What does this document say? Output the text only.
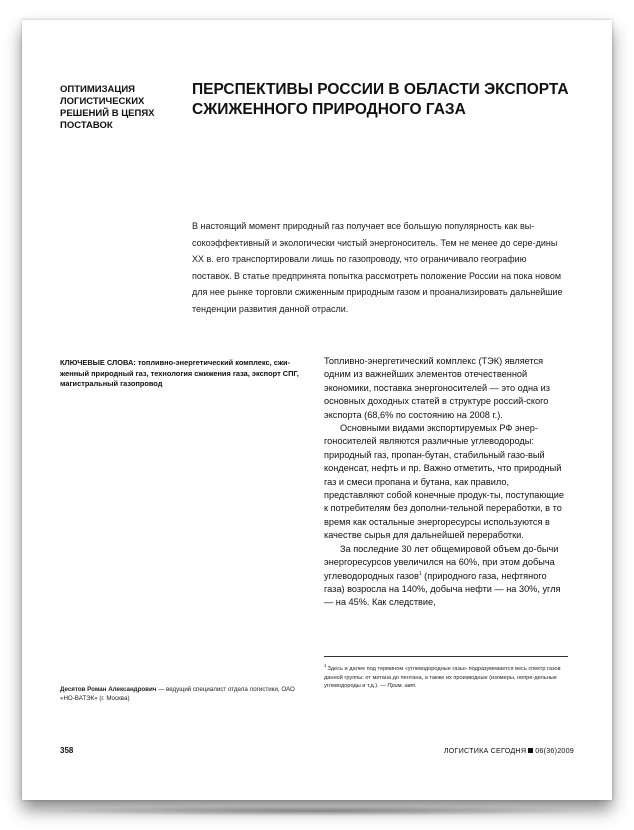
ОПТИМИЗАЦИЯ ЛОГИСТИЧЕСКИХ РЕШЕНИЙ В ЦЕПЯХ ПОСТАВОК
ПЕРСПЕКТИВЫ РОССИИ В ОБЛАСТИ ЭКСПОРТА СЖИЖЕННОГО ПРИРОДНОГО ГАЗА

В настоящий момент природный газ получает все большую популярность как вы-сокоэффективный и экологически чистый энергоноситель. Тем не менее до сере-дины XX в. его транспортировали лишь по газопроводу, что ограничивало географию поставок. В статье предпринята попытка рассмотреть положение России на пока новом для нее рынке торговли сжиженным природным газом и проанализировать дальнейшие тенденции развития данной отрасли.

КЛЮЧЕВЫЕ СЛОВА: топливно-энергетический комплекс, сжи-женный природный газ, технология сжижения газа, экспорт СПГ, магистральный газопровод

Топливно-энергетический комплекс (ТЭК) является одним из важнейших элементов отечественной экономики, поставка энергоносителей — это одна из основных доходных статей в структуре россий-ского экспорта (68,6% по состоянию на 2008 г.).

Основными видами экспортируемых РФ энер-гоносителей являются различные углеводороды: природный газ, пропан-бутан, стабильный газо-вый конденсат, нефть и пр. Важно отметить, что природный газ и смеси пропана и бутана, как правило, представляют собой конечные продук-ты, поступающие к потребителям без дополни-тельной переработки, в то время как остальные энергоресурсы используются в качестве сырья для дальнейшей переработки.

За последние 30 лет общемировой объем до-бычи энергоресурсов увеличился на 60%, при этом добыча углеводородных газов$^1$ (природного газа, нефтяного газа) возросла на 140%, добыча нефти — на 30%, угля — на 45%. Как следствие,

$^1$Здесь и далее под термином «углеводородные газы» подразумевается весь спектр газов данной группы: от метана до пентана, а также их производные (изомеры, непре-дельные углеводороды и т.д.). — Прим. авт.
Десятов Роман Александрович — ведущий специалист отдела логистики, ОАО «НО-ВАТЭК» (г. Москва)
358	ЛОГИСТИКА СЕГОДНЯ 06(36)2009
